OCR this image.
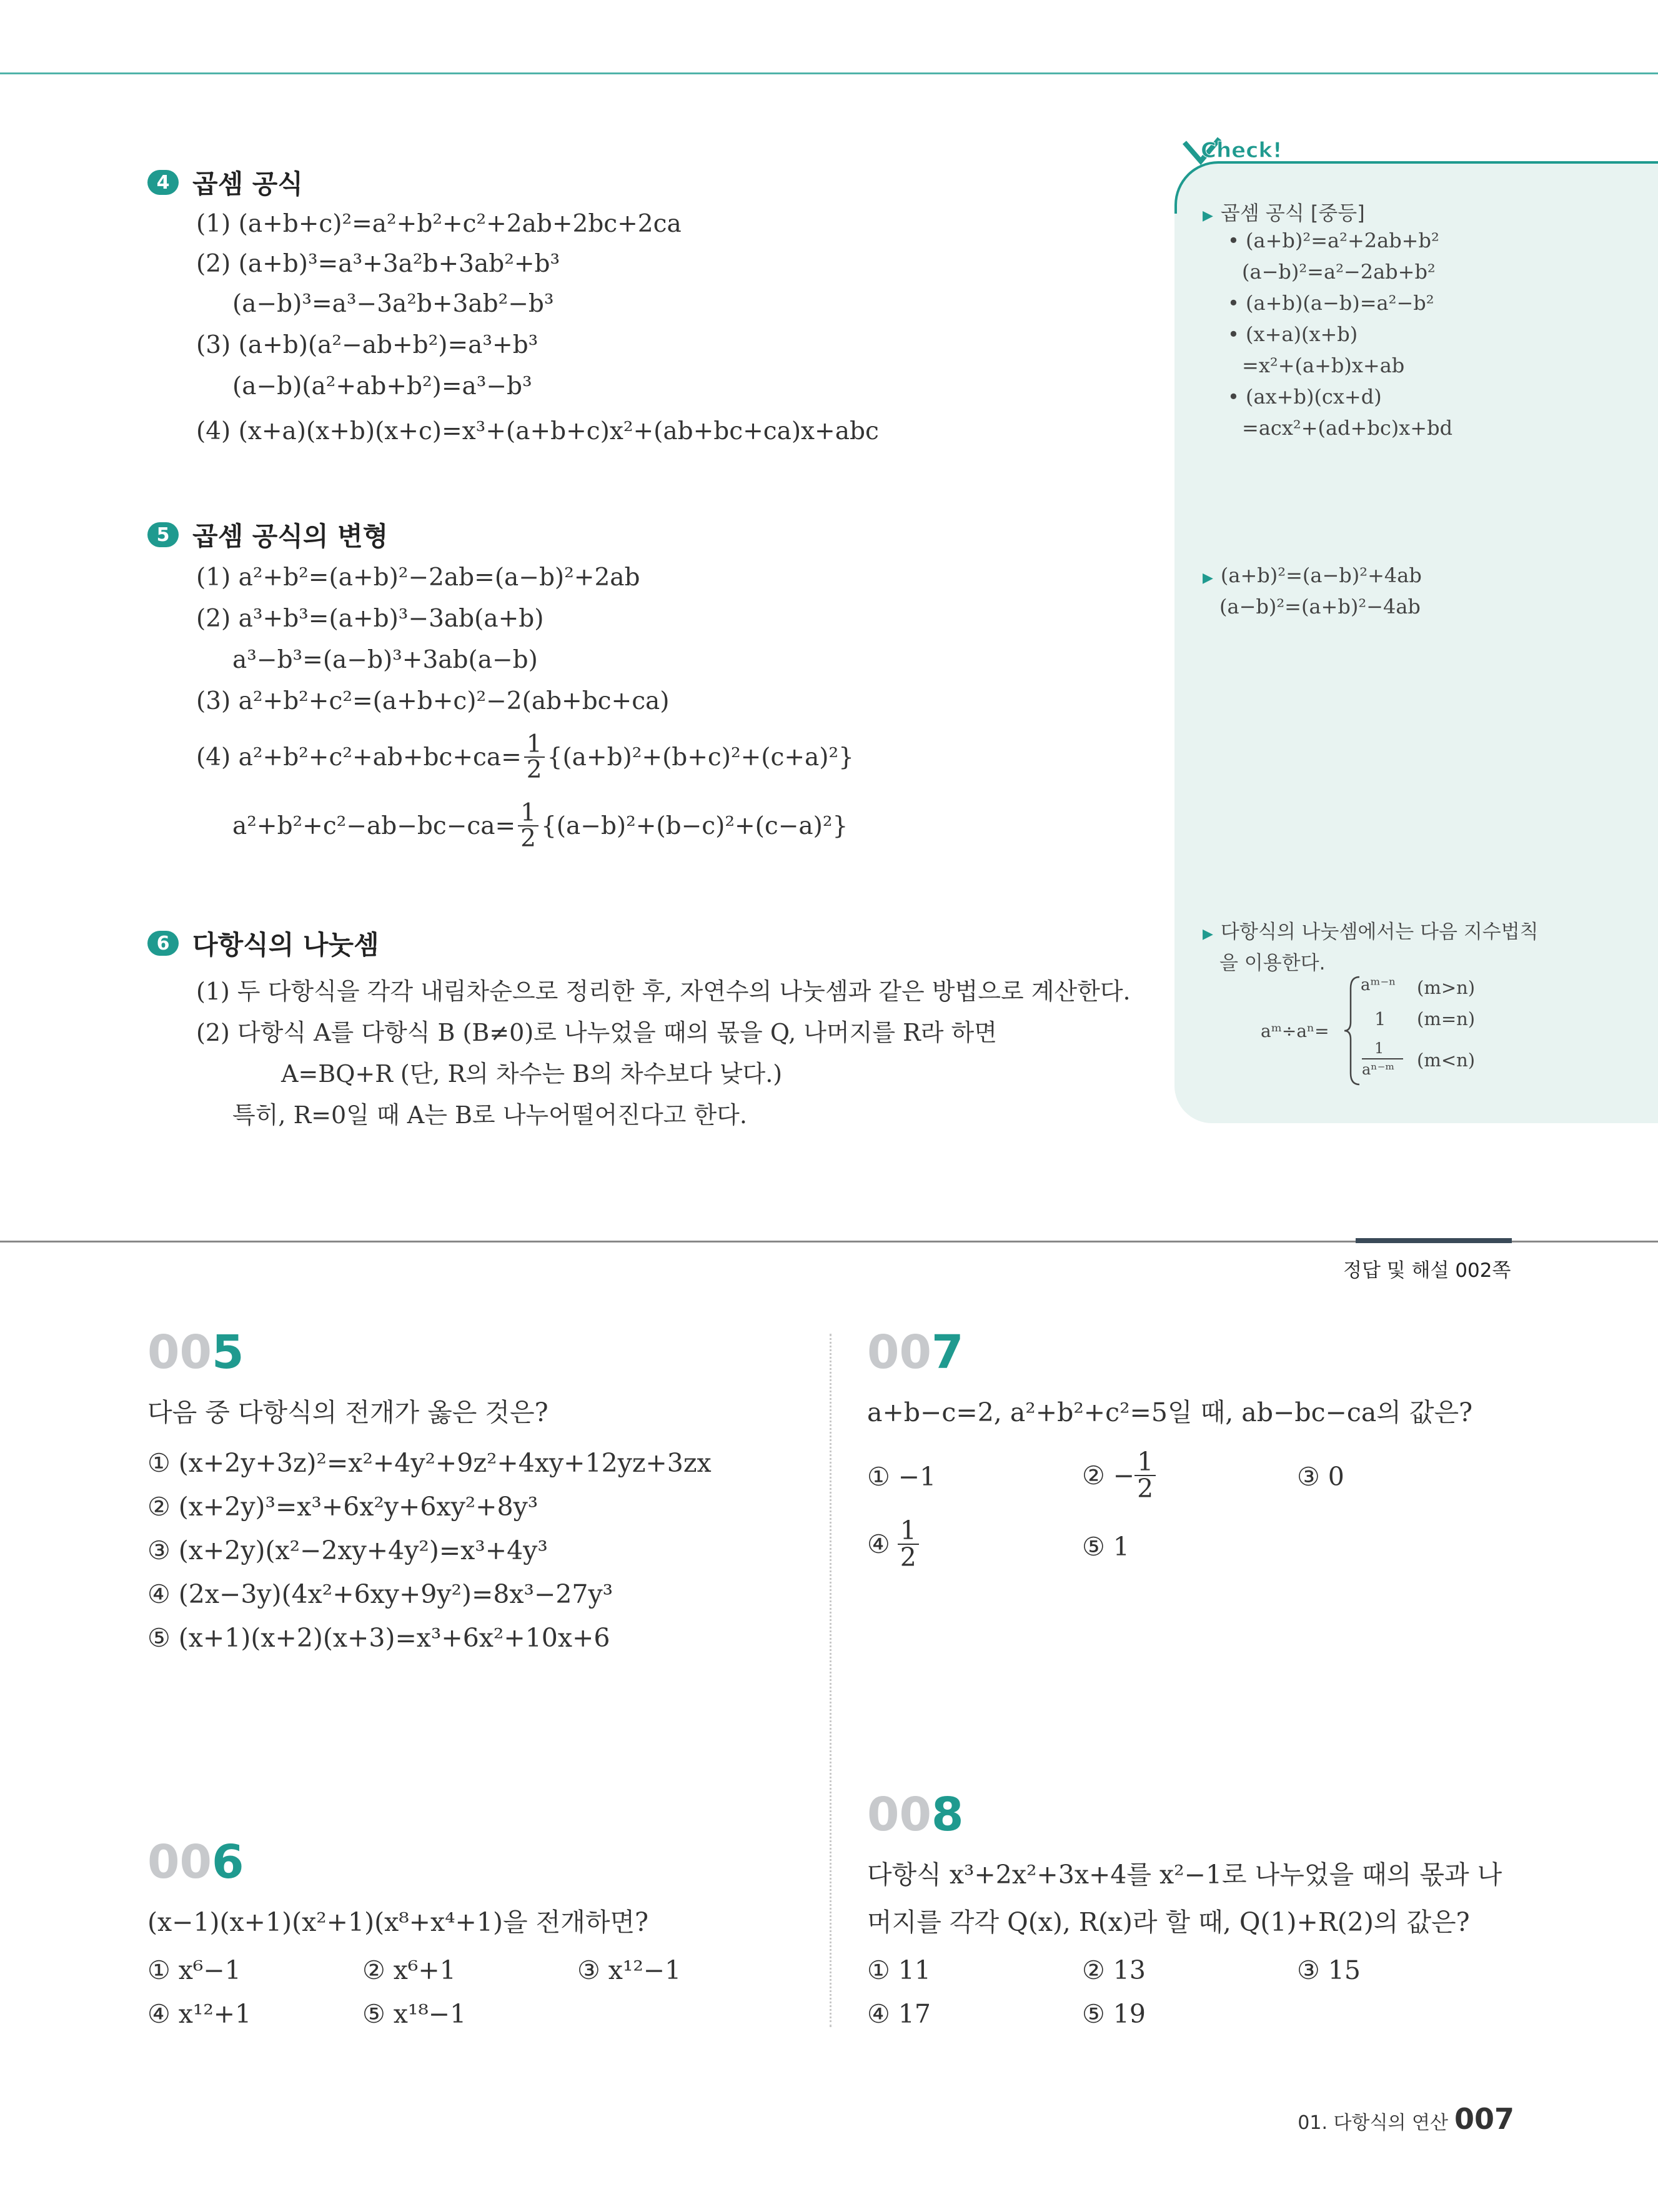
4 곱셈 공식
(1) (a+b+c)²=a²+b²+c²+2ab+2bc+2ca
(2) (a+b)³=a³+3a²b+3ab²+b³
(a−b)³=a³−3a²b+3ab²−b³
(3) (a+b)(a²−ab+b²)=a³+b³
(a−b)(a²+ab+b²)=a³−b³
(4) (x+a)(x+b)(x+c)=x³+(a+b+c)x²+(ab+bc+ca)x+abc
5 곱셈 공식의 변형
(1) a²+b²=(a+b)²−2ab=(a−b)²+2ab
(2) a³+b³=(a+b)³−3ab(a+b)
a³−b³=(a−b)³+3ab(a−b)
(3) a²+b²+c²=(a+b+c)²−2(ab+bc+ca)
(4) $a^2+b^2+c^2+ab+bc+ca= \frac{1}{2} \{(a+b)^2+(b+c)^2+(c+a)^2\}$
$a^2+b^2+c^2-ab-bc-ca= \frac{1}{2} \{(a-b)^2+(b-c)^2+(c-a)^2\}$
6 다항식의 나눗셈
(1) 두 다항식을 각각 내림차순으로 정리한 후, 자연수의 나눗셈과 같은 방법으로 계산한다.
(2) 다항식 A를 다항식 B (B≠0)로 나누었을 때의 몫을 Q, 나머지를 R라 하면
A=BQ+R (단, R의 차수는 B의 차수보다 낮다.)
특히, R=0일 때 A는 B로 나누어떨어진다고 한다.
Check!
▶ 곱셈 공식 [중등]
• (a+b)²=a²+2ab+b²
(a−b)²=a²−2ab+b²
• (a+b)(a−b)=a²−b²
• (x+a)(x+b)
=x²+(a+b)x+ab
• (ax+b)(cx+d)
=acx²+(ad+bc)x+bd
▶ (a+b)²=(a−b)²+4ab
(a−b)²=(a+b)²−4ab
▶ 다항식의 나눗셈에서는 다음 지수법칙
을 이용한다.
aᵐ÷aⁿ=
aᵐ⁻ⁿ (m>n)
1 (m=n)
1
aⁿ⁻ᵐ (m<n)
정답 및 해설 002쪽
005
다음 중 다항식의 전개가 옳은 것은?
① (x+2y+3z)²=x²+4y²+9z²+4xy+12yz+3zx
② (x+2y)³=x³+6x²y+6xy²+8y³
③ (x+2y)(x²−2xy+4y²)=x³+4y³
④ (2x−3y)(4x²+6xy+9y²)=8x³−27y³
⑤ (x+1)(x+2)(x+3)=x³+6x²+10x+6
006
(x−1)(x+1)(x²+1)(x⁸+x⁴+1)을 전개하면?
① x⁶−1	② x⁶+1	③ x¹²−1
④ x¹²+1	⑤ x¹⁸−1
007
a+b−c=2, a²+b²+c²=5일 때, ab−bc−ca의 값은?
① −1	② − $\frac{1}{2}$	③ 0
④ $\frac{1}{2}$	⑤ 1
008
다항식 x³+2x²+3x+4를 x²−1로 나누었을 때의 몫과 나
머지를 각각 Q(x), R(x)라 할 때, Q(1)+R(2)의 값은?
① 11	② 13	③ 15
④ 17	⑤ 19
01. 다항식의 연산 007
